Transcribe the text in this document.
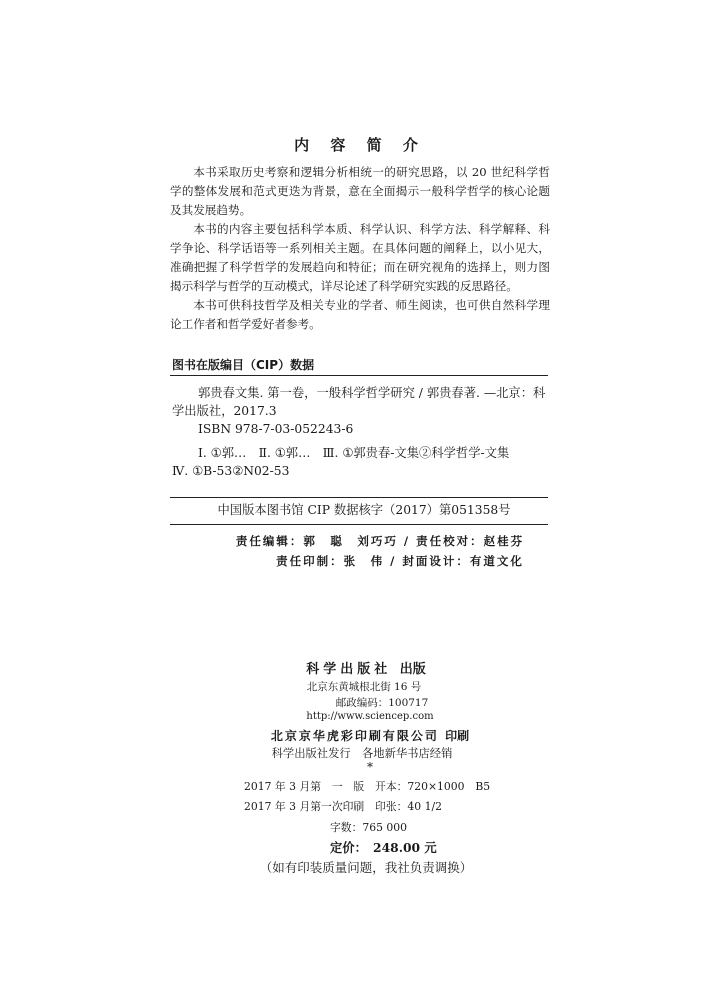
内 容 简 介

本书采取历史考察和逻辑分析相统一的研究思路，以 20 世纪科学哲学的整体发展和范式更迭为背景，意在全面揭示一般科学哲学的核心论题及其发展趋势。

本书的内容主要包括科学本质、科学认识、科学方法、科学解释、科学争论、科学话语等一系列相关主题。在具体问题的阐释上，以小见大，准确把握了科学哲学的发展趋向和特征；而在研究视角的选择上，则力图揭示科学与哲学的互动模式，详尽论述了科学研究实践的反思路径。

本书可供科技哲学及相关专业的学者、师生阅读，也可供自然科学理论工作者和哲学爱好者参考。

图书在版编目（CIP）数据
郭贵春文集. 第一卷，一般科学哲学研究 / 郭贵春著. —北京：科
学出版社，2017.3
ISBN 978-7-03-052243-6
Ⅰ. ①郭…　Ⅱ. ①郭…　Ⅲ. ①郭贵春-文集②科学哲学-文集
Ⅳ. ①B-53②N02-53
中国版本图书馆 CIP 数据核字（2017）第051358号
责任编辑：郭　聪　刘巧巧 / 责任校对：赵桂芬
责任印制：张　伟 / 封面设计：有道文化
科学出版社 出版
北京东黄城根北街 16 号
邮政编码：100717
http://www.sciencep.com
北京京华虎彩印刷有限公司 印刷
科学出版社发行　各地新华书店经销
*
2017 年 3 月第　一　版　开本：720×1000　B5
2017 年 3 月第一次印刷　印张：40 1/2
字数：765 000
定价：　248.00 元
（如有印装质量问题，我社负责调换）
